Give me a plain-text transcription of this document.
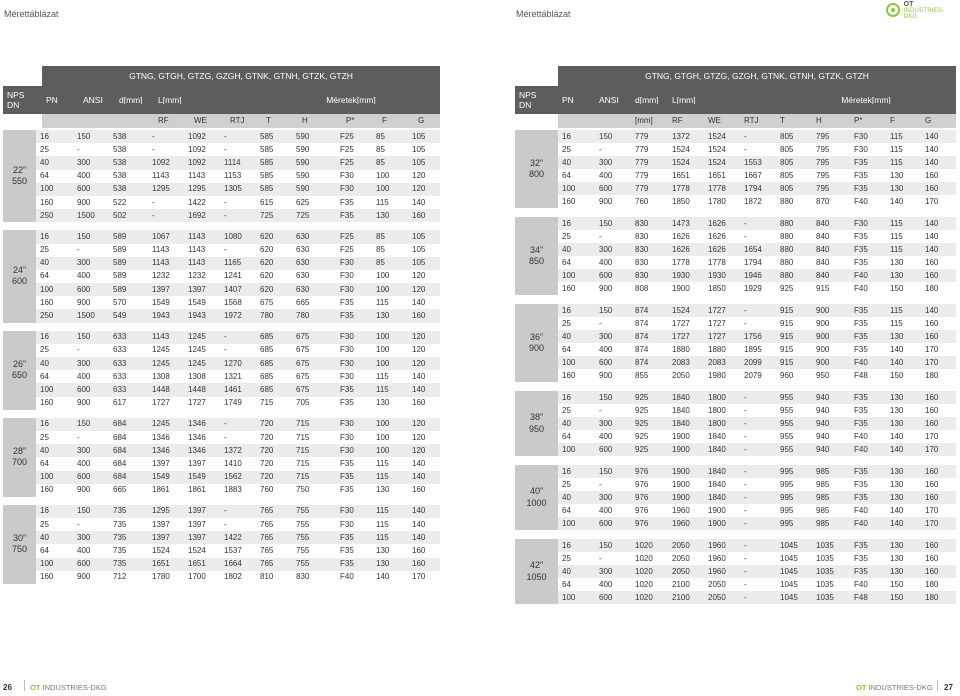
Mérettáblázat	Mérettáblázat
OT
INDUSTRIES-DKG
GTNG, GTGH, GTZG, GZGH, GTNK, GTNH, GTZK, GTZH
NPS
DN
PN	ANSI	d[mm]	L[mm]	Méretek[mm]
RF	WE	RTJ	T	H	P*	F	G
22”
550
16	150	538	-	1092	-	585	590	F25	85	105
25	-	538	-	1092	-	585	590	F25	85	105
40	300	538	1092	1092	1114	585	590	F25	85	105
64	400	538	1143	1143	1153	585	590	F30	100	120
100	600	538	1295	1295	1305	585	590	F30	100	120
160	900	522	-	1422	-	615	625	F35	115	140
250	1500	502	-	1692	-	725	725	F35	130	160
24”
600
16	150	589	1067	1143	1080	620	630	F25	85	105
25	-	589	1143	1143	-	620	630	F25	85	105
40	300	589	1143	1143	1165	620	630	F30	85	105
64	400	589	1232	1232	1241	620	630	F30	100	120
100	600	589	1397	1397	1407	620	630	F30	100	120
160	900	570	1549	1549	1568	675	665	F35	115	140
250	1500	549	1943	1943	1972	780	780	F35	130	160
26”
650
16	150	633	1143	1245	-	685	675	F30	100	120
25	-	633	1245	1245	-	685	675	F30	100	120
40	300	633	1245	1245	1270	685	675	F30	100	120
64	400	633	1308	1308	1321	685	675	F30	115	140
100	600	633	1448	1448	1461	685	675	F35	115	140
160	900	617	1727	1727	1749	715	705	F35	130	160
28”
700
16	150	684	1245	1346	-	720	715	F30	100	120
25	-	684	1346	1346	-	720	715	F30	100	120
40	300	684	1346	1346	1372	720	715	F30	100	120
64	400	684	1397	1397	1410	720	715	F35	115	140
100	600	684	1549	1549	1562	720	715	F35	115	140
160	900	665	1861	1861	1883	760	750	F35	130	160
30”
750
16	150	735	1295	1397	-	765	755	F30	115	140
25	-	735	1397	1397	-	765	755	F30	115	140
40	300	735	1397	1397	1422	765	755	F35	115	140
64	400	735	1524	1524	1537	765	755	F35	130	160
100	600	735	1651	1651	1664	765	755	F35	130	160
160	900	712	1780	1700	1802	810	830	F40	140	170
GTNG, GTGH, GTZG, GZGH, GTNK, GTNH, GTZK, GTZH
NPS
DN
PN	ANSI	d[mm]	L[mm]	Méretek[mm]
[mm]	RF	WE	RTJ	T	H	P*	F	G
32”
800
16	150	779	1372	1524	-	805	795	F30	115	140
25	-	779	1524	1524	-	805	795	F30	115	140
40	300	779	1524	1524	1553	805	795	F35	115	140
64	400	779	1651	1651	1667	805	795	F35	130	160
100	600	779	1778	1778	1794	805	795	F35	130	160
160	900	760	1850	1780	1872	880	870	F40	140	170
34”
850
16	150	830	1473	1626	-	880	840	F30	115	140
25	-	830	1626	1626	-	880	840	F35	115	140
40	300	830	1626	1626	1654	880	840	F35	115	140
64	400	830	1778	1778	1794	880	840	F35	130	160
100	600	830	1930	1930	1946	880	840	F40	130	160
160	900	808	1900	1850	1929	925	915	F40	150	180
36”
900
16	150	874	1524	1727	-	915	900	F35	115	140
25	-	874	1727	1727	-	915	900	F35	115	160
40	300	874	1727	1727	1756	915	900	F35	130	160
64	400	874	1880	1880	1895	915	900	F35	140	170
100	600	874	2083	2083	2099	915	900	F40	140	170
160	900	855	2050	1980	2079	960	950	F48	150	180
38”
950
16	150	925	1840	1800	-	955	940	F35	130	160
25	-	925	1840	1800	-	955	940	F35	130	160
40	300	925	1840	1800	-	955	940	F35	130	160
64	400	925	1900	1840	-	955	940	F40	140	170
100	600	925	1900	1840	-	955	940	F40	140	170
40”
1000
16	150	976	1900	1840	-	995	985	F35	130	160
25	-	976	1900	1840	-	995	985	F35	130	160
40	300	976	1900	1840	-	995	985	F35	130	160
64	400	976	1960	1900	-	995	985	F40	140	170
100	600	976	1960	1900	-	995	985	F40	140	170
42”
1050
16	150	1020	2050	1960	-	1045	1035	F35	130	160
25	-	1020	2050	1960	-	1045	1035	F35	130	160
40	300	1020	2050	1960	-	1045	1035	F35	130	160
64	400	1020	2100	2050	-	1045	1035	F40	150	180
100	600	1020	2100	2050	-	1045	1035	F48	150	180
26 OT INDUSTRIES-DKG	OT INDUSTRIES-DKG 27
